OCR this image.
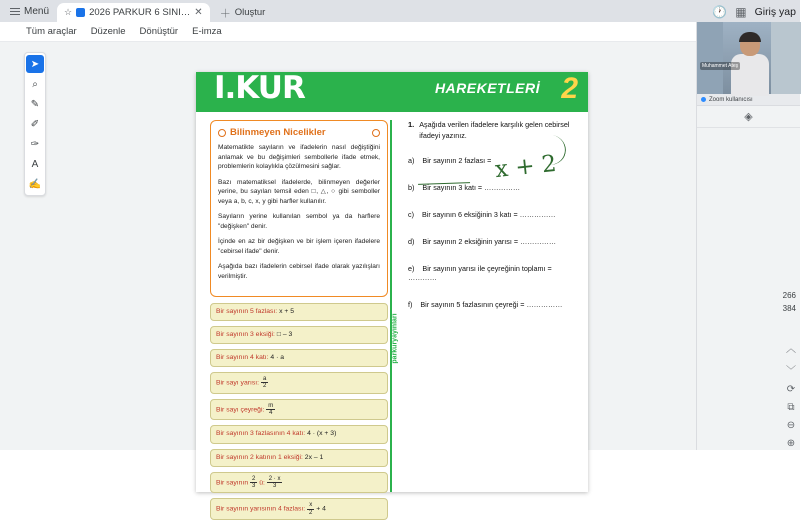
Menü ☆ 2026 PARKUR 6 SINI… ✕ ＋ Oluştur	🕐 ▦ Giriş yap
Tüm araçlar Düzenle Dönüştür E-imza
➤
⌕
✎
✐
✑
A
✍
I.KUR	HAREKETLERİ 2
Bilinmeyen Nicelikler

Matematikte sayıların ve ifadelerin nasıl değiştiğini anlamak ve bu değişimleri sembollerle ifade etmek, problemlerin kolaylıkla çözülmesini sağlar.

Bazı matematiksel ifadelerde, bilinmeyen değerler yerine, bu sayıları temsil eden □, △, ○ gibi semboller veya a, b, c, x, y gibi harfler kullanılır.

Sayıların yerine kullanılan sembol ya da harflere "değişken" denir.

İçinde en az bir değişken ve bir işlem içeren ifadelere "cebirsel ifade" denir.

Aşağıda bazı ifadelerin cebirsel ifade olarak yazılışları verilmiştir.

Bir sayının 5 fazlası: x + 5
Bir sayının 3 eksiği: □ – 3
Bir sayının 4 katı: 4 · a
Bir sayı yarısı: $\frac{a}{2}$
Bir sayı çeyreği: $\frac{m}{4}$
Bir sayının 3 fazlasının 4 katı: 4 · (x + 3)
Bir sayının 2 katının 1 eksiği: 2x – 1
Bir sayının $\frac{2}{3}$ ü: $\frac{2 \cdot x}{3}$
Bir sayının yarısının 4 fazlası: $\frac{x}{2} + 4$
parkuryayinlari
1. Aşağıda verilen ifadelere karşılık gelen cebirsel ifadeyi yazınız.
a) Bir sayının 2 fazlası =
b) Bir sayının 3 katı = ……………
c) Bir sayının 6 eksiğinin 3 katı = ……………
d) Bir sayının 2 eksiğinin yarısı = ……………
e) Bir sayının yarısı ile çeyreğinin toplamı = …………
f) Bir sayının 5 fazlasının çeyreği = ……………
x + 2
Muhammet Ateş
Zoom kullanıcısı
◈
266
384
︿
﹀
⟳
⧉
⊖
⊕
